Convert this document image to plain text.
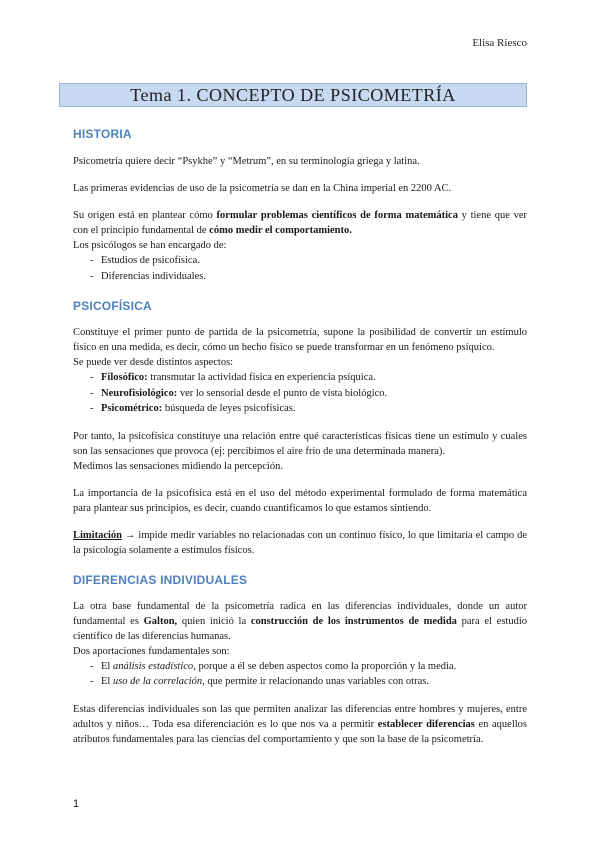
Elisa Riesco
Tema 1. CONCEPTO DE PSICOMETRÍA
HISTORIA

Psicometría quiere decir “Psykhe” y “Metrum”, en su terminología griega y latina.

Las primeras evidencias de uso de la psicometría se dan en la China imperial en 2200 AC.

Su origen está en plantear cómo formular problemas científicos de forma matemática y tiene que ver con el principio fundamental de cómo medir el comportamiento.

Los psicólogos se han encargado de:

- Estudios de psicofísica.
- Diferencias individuales.
PSICOFÍSICA

Constituye el primer punto de partida de la psicometría, supone la posibilidad de convertir un estímulo físico en una medida, es decir, cómo un hecho físico se puede transformar en un fenómeno psíquico.

Se puede ver desde distintos aspectos:

- Filosófico: transmutar la actividad física en experiencia psíquica.
- Neurofisiológico: ver lo sensorial desde el punto de vista biológico.
- Psicométrico: búsqueda de leyes psicofísicas.

Por tanto, la psicofísica constituye una relación entre qué características físicas tiene un estímulo y cuales son las sensaciones que provoca (ej: percibimos el aire frío de una determinada manera).

Medimos las sensaciones midiendo la percepción.

La importancia de la psicofísica está en el uso del método experimental formulado de forma matemática para plantear sus principios, es decir, cuando cuantificamos lo que estamos sintiendo.

Limitación → impide medir variables no relacionadas con un continuo físico, lo que limitaría el campo de la psicología solamente a estímulos físicos.

DIFERENCIAS INDIVIDUALES

La otra base fundamental de la psicometría radica en las diferencias individuales, donde un autor fundamental es Galton, quien inició la construcción de los instrumentos de medida para el estudio científico de las diferencias humanas.

Dos aportaciones fundamentales son:

- El análisis estadístico, porque a él se deben aspectos como la proporción y la media.
- El uso de la correlación, que permite ir relacionando unas variables con otras.

Estas diferencias individuales son las que permiten analizar las diferencias entre hombres y mujeres, entre adultos y niños… Toda esa diferenciación es lo que nos va a permitir establecer diferencias en aquellos atributos fundamentales para las ciencias del comportamiento y que son la base de la psicometría.

1
